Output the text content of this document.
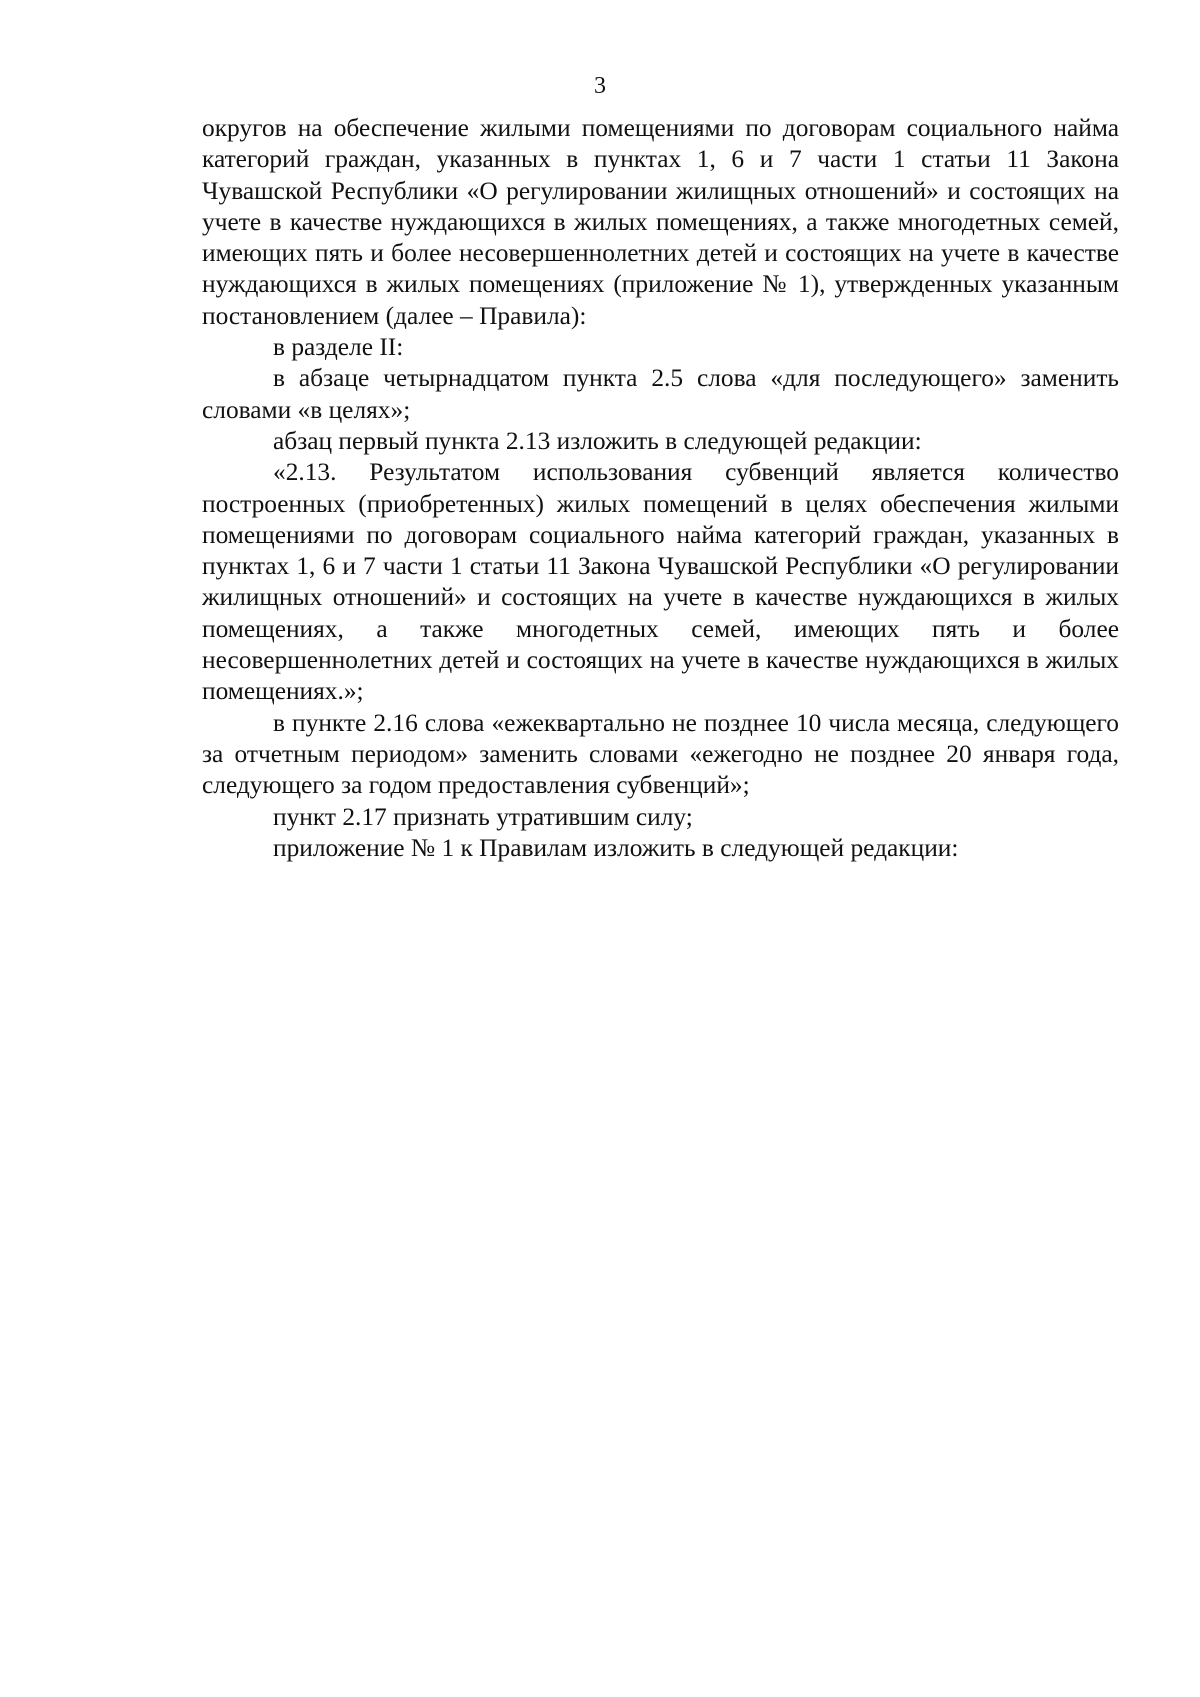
3

округов на обеспечение жилыми помещениями по договорам социального найма категорий граждан, указанных в пунктах 1, 6 и 7 части 1 статьи 11 Закона Чувашской Республики «О регулировании жилищных отношений» и состоящих на учете в качестве нуждающихся в жилых помещениях, а также многодетных семей, имеющих пять и более несовершеннолетних детей и состоящих на учете в качестве нуждающихся в жилых помещениях (приложение № 1), утвержденных указанным постановлением (далее – Правила):

в разделе II:

в абзаце четырнадцатом пункта 2.5 слова «для последующего» заменить словами «в целях»;

абзац первый пункта 2.13 изложить в следующей редакции:

«2.13. Результатом использования субвенций является количество построенных (приобретенных) жилых помещений в целях обеспечения жилыми помещениями по договорам социального найма категорий граждан, указанных в пунктах 1, 6 и 7 части 1 статьи 11 Закона Чувашской Республики «О регулировании жилищных отношений» и состоящих на учете в качестве нуждающихся в жилых помещениях, а также многодетных семей, имеющих пять и более несовершеннолетних детей и состоящих на учете в качестве нуждающихся в жилых помещениях.»;

в пункте 2.16 слова «ежеквартально не позднее 10 числа месяца, следующего за отчетным периодом» заменить словами «ежегодно не позднее 20 января года, следующего за годом предоставления субвенций»;

пункт 2.17 признать утратившим силу;

приложение № 1 к Правилам изложить в следующей редакции:
